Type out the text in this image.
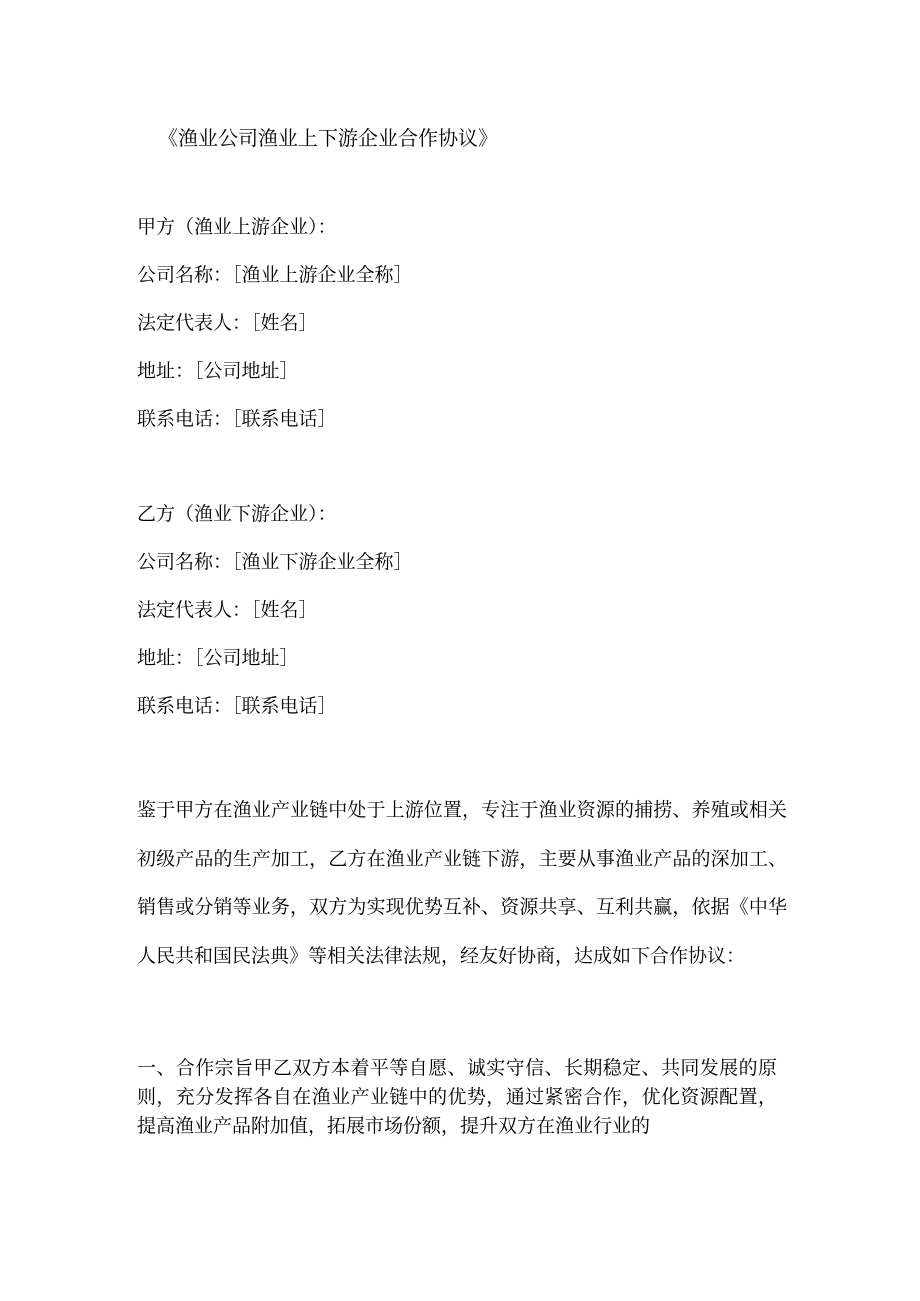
《渔业公司渔业上下游企业合作协议》

甲方（渔业上游企业）：

公司名称：［渔业上游企业全称］

法定代表人：［姓名］

地址：［公司地址］

联系电话：［联系电话］

乙方（渔业下游企业）：

公司名称：［渔业下游企业全称］

法定代表人：［姓名］

地址：［公司地址］

联系电话：［联系电话］

鉴于甲方在渔业产业链中处于上游位置，专注于渔业资源的捕捞、养殖或相关初级产品的生产加工，乙方在渔业产业链下游，主要从事渔业产品的深加工、销售或分销等业务，双方为实现优势互补、资源共享、互利共赢，依据《中华人民共和国民法典》等相关法律法规，经友好协商，达成如下合作协议：

一、合作宗旨甲乙双方本着平等自愿、诚实守信、长期稳定、共同发展的原则，充分发挥各自在渔业产业链中的优势，通过紧密合作，优化资源配置，提高渔业产品附加值，拓展市场份额，提升双方在渔业行业的
